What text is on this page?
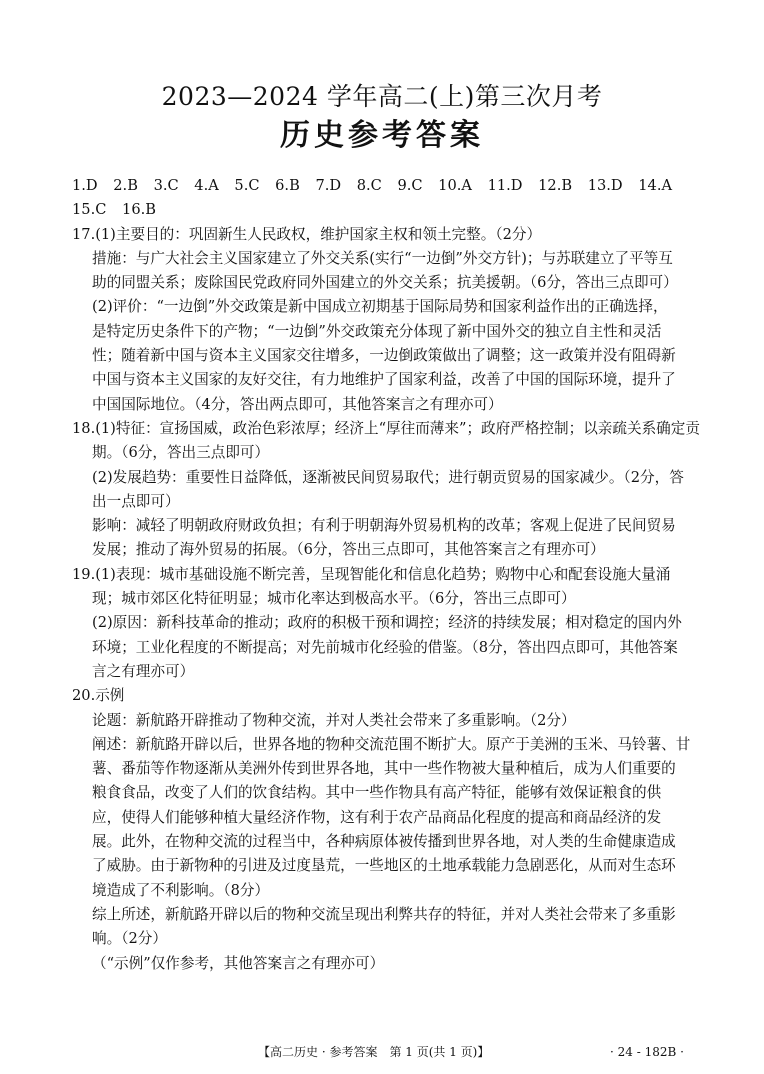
2023—2024 学年高二(上)第三次月考
历史参考答案
1.D 2.B 3.C 4.A 5.C 6.B 7.D 8.C 9.C 10.A 11.D 12.B 13.D 14.A
15.C 16.B
17.(1)主要目的：巩固新生人民政权，维护国家主权和领土完整。（2分）
措施：与广大社会主义国家建立了外交关系(实行“一边倒”外交方针)；与苏联建立了平等互
助的同盟关系；废除国民党政府同外国建立的外交关系；抗美援朝。（6分，答出三点即可）
(2)评价：“一边倒”外交政策是新中国成立初期基于国际局势和国家利益作出的正确选择，
是特定历史条件下的产物；“一边倒”外交政策充分体现了新中国外交的独立自主性和灵活
性；随着新中国与资本主义国家交往增多，一边倒政策做出了调整；这一政策并没有阻碍新
中国与资本主义国家的友好交往，有力地维护了国家利益，改善了中国的国际环境，提升了
中国国际地位。（4分，答出两点即可，其他答案言之有理亦可）
18.(1)特征：宣扬国威，政治色彩浓厚；经济上“厚往而薄来”；政府严格控制；以亲疏关系确定贡
期。（6分，答出三点即可）
(2)发展趋势：重要性日益降低，逐渐被民间贸易取代；进行朝贡贸易的国家减少。（2分，答
出一点即可）
影响：减轻了明朝政府财政负担；有利于明朝海外贸易机构的改革；客观上促进了民间贸易
发展；推动了海外贸易的拓展。（6分，答出三点即可，其他答案言之有理亦可）
19.(1)表现：城市基础设施不断完善，呈现智能化和信息化趋势；购物中心和配套设施大量涌
现；城市郊区化特征明显；城市化率达到极高水平。（6分，答出三点即可）
(2)原因：新科技革命的推动；政府的积极干预和调控；经济的持续发展；相对稳定的国内外
环境；工业化程度的不断提高；对先前城市化经验的借鉴。（8分，答出四点即可，其他答案
言之有理亦可）
20.示例
论题：新航路开辟推动了物种交流，并对人类社会带来了多重影响。（2分）
阐述：新航路开辟以后，世界各地的物种交流范围不断扩大。原产于美洲的玉米、马铃薯、甘
薯、番茄等作物逐渐从美洲外传到世界各地，其中一些作物被大量种植后，成为人们重要的
粮食食品，改变了人们的饮食结构。其中一些作物具有高产特征，能够有效保证粮食的供
应，使得人们能够种植大量经济作物，这有利于农产品商品化程度的提高和商品经济的发
展。此外，在物种交流的过程当中，各种病原体被传播到世界各地，对人类的生命健康造成
了威胁。由于新物种的引进及过度垦荒，一些地区的土地承载能力急剧恶化，从而对生态环
境造成了不利影响。（8分）
综上所述，新航路开辟以后的物种交流呈现出利弊共存的特征，并对人类社会带来了多重影
响。（2分）
（“示例”仅作参考，其他答案言之有理亦可）
【高二历史 · 参考答案　第 1 页(共 1 页)】	· 24 - 182B ·
